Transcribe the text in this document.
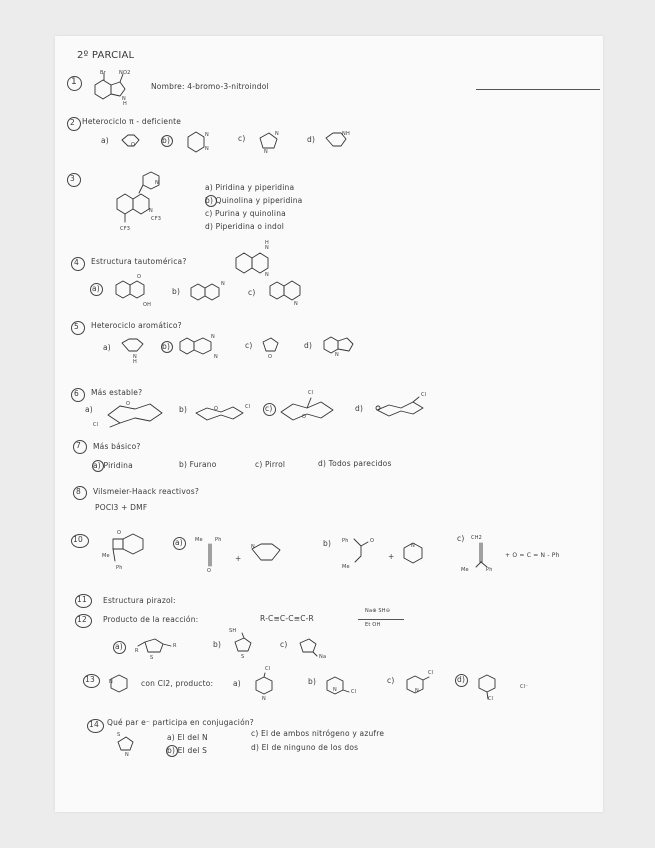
2º PARCIAL
1
Br	NO2
N
H
Nombre: 4-bromo-3-nitroindol
2 Heterociclo π - deficiente
a)	O	b)
N
N
c)	N
N
d)
NH
3	N
N
CF3
CF3
a) Piridina y piperidina
b) Quinolina y piperidina
c) Purina y quinolina
d) Piperidina o indol
4 Estructura tautomérica?
H
N
N
a)
O
OH
b)
N
c)
N
5 Heterociclo aromático?
a)
N
H
b)
N
N
c)
O
d)
N
6 Más estable?
a)
O
Cl
b)	O	Cl c)
Cl
O
d)
Cl
7 Más básico?
a) Piridina	b) Furano	c) Pirrol	d) Todos parecidos
8 Vilsmeier-Haack reactivos?
POCl3 + DMF
10
Me
Ph
O
a) Me Ph
O
+
N	b) Ph	O
Me
+
N
c) CH2
Me	Ph
+ O = C = N - Ph
11 Estructura pirazol:
12 Producto de la reacción:	R-C≡C-C≡C-R
Na⊕ SH⊖
Et OH
a)
S
R
R	b)
SH
S
c)
Na
13	N	con Cl2, producto:	a)
Cl
N
b)
N	Cl
c)
N
Cl
d)
Cl
Cl⁻
14 Qué par e⁻ participa en conjugación?
S
N
a) El del N
b) El del S
c) El de ambos nitrógeno y azufre
d) El de ninguno de los dos
